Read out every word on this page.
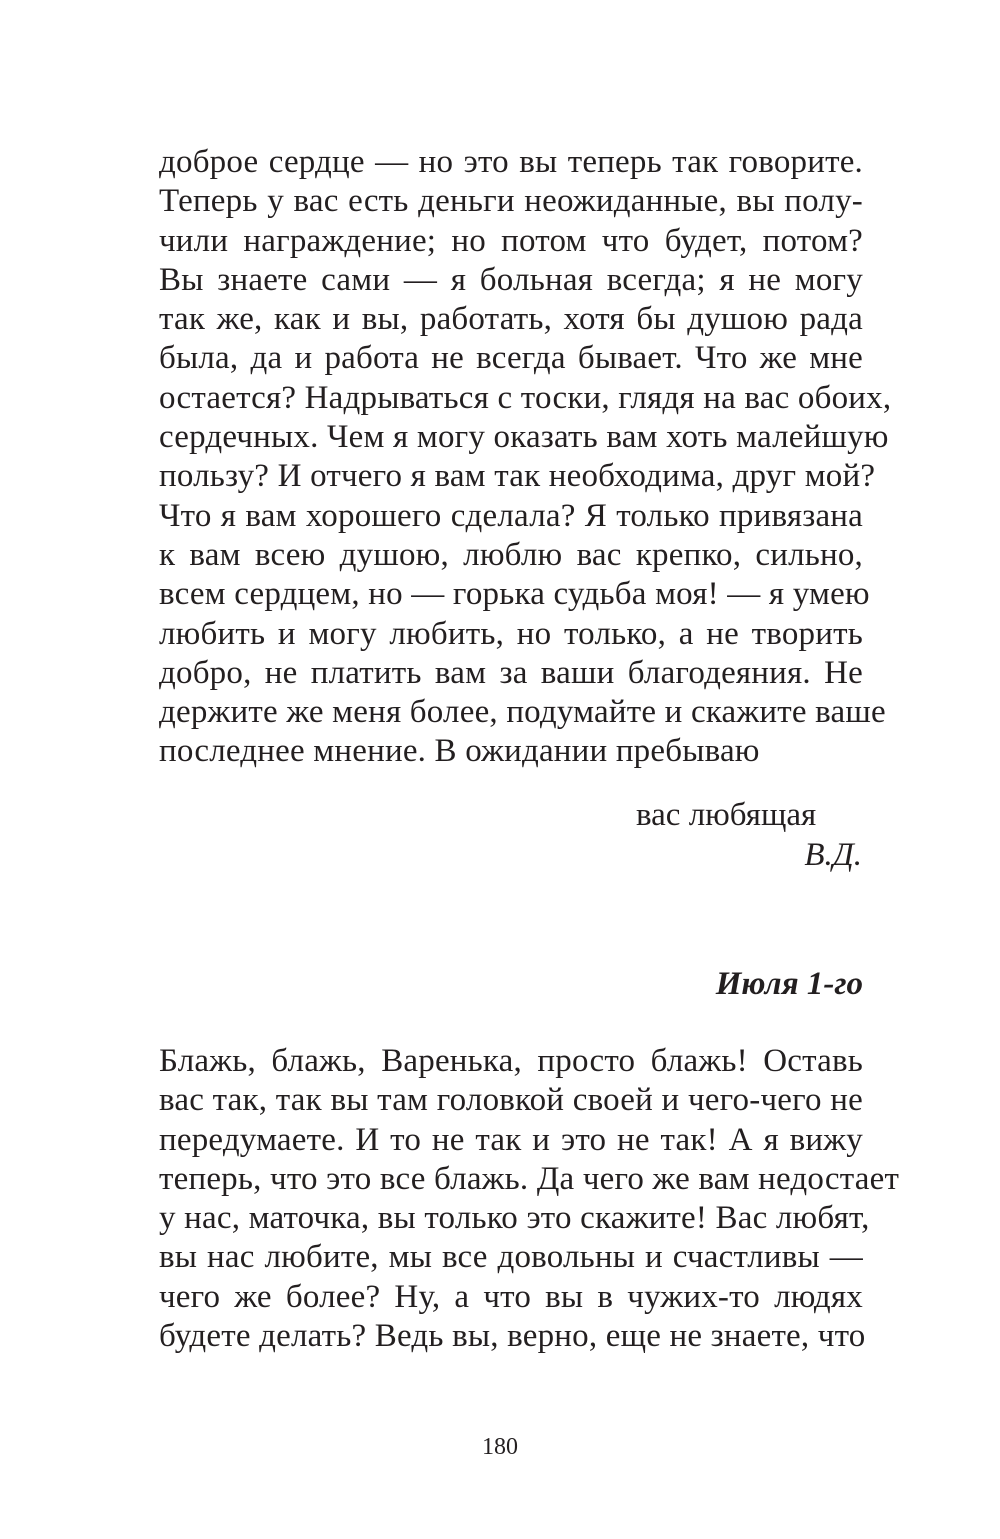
доброе сердце — но это вы теперь так говорите.
Теперь у вас есть деньги неожиданные, вы полу-
чили награждение; но потом что будет, потом?
Вы знаете сами — я больная всегда; я не могу
так же, как и вы, работать, хотя бы душою рада
была, да и работа не всегда бывает. Что же мне
остается? Надрываться с тоски, глядя на вас обоих,
сердечных. Чем я могу оказать вам хоть малейшую
пользу? И отчего я вам так необходима, друг мой?
Что я вам хорошего сделала? Я только привязана
к вам всею душою, люблю вас крепко, сильно,
всем сердцем, но — горька судьба моя! — я умею
любить и могу любить, но только, а не творить
добро, не платить вам за ваши благодеяния. Не
держите же меня более, подумайте и скажите ваше
последнее мнение. В ожидании пребываю
вас любящая
В.Д.
Июля 1-го
Блажь, блажь, Варенька, просто блажь! Оставь
вас так, так вы там головкой своей и чего-чего не
передумаете. И то не так и это не так! А я вижу
теперь, что это все блажь. Да чего же вам недостает
у нас, маточка, вы только это скажите! Вас любят,
вы нас любите, мы все довольны и счастливы —
чего же более? Ну, а что вы в чужих-то людях
будете делать? Ведь вы, верно, еще не знаете, что
180
